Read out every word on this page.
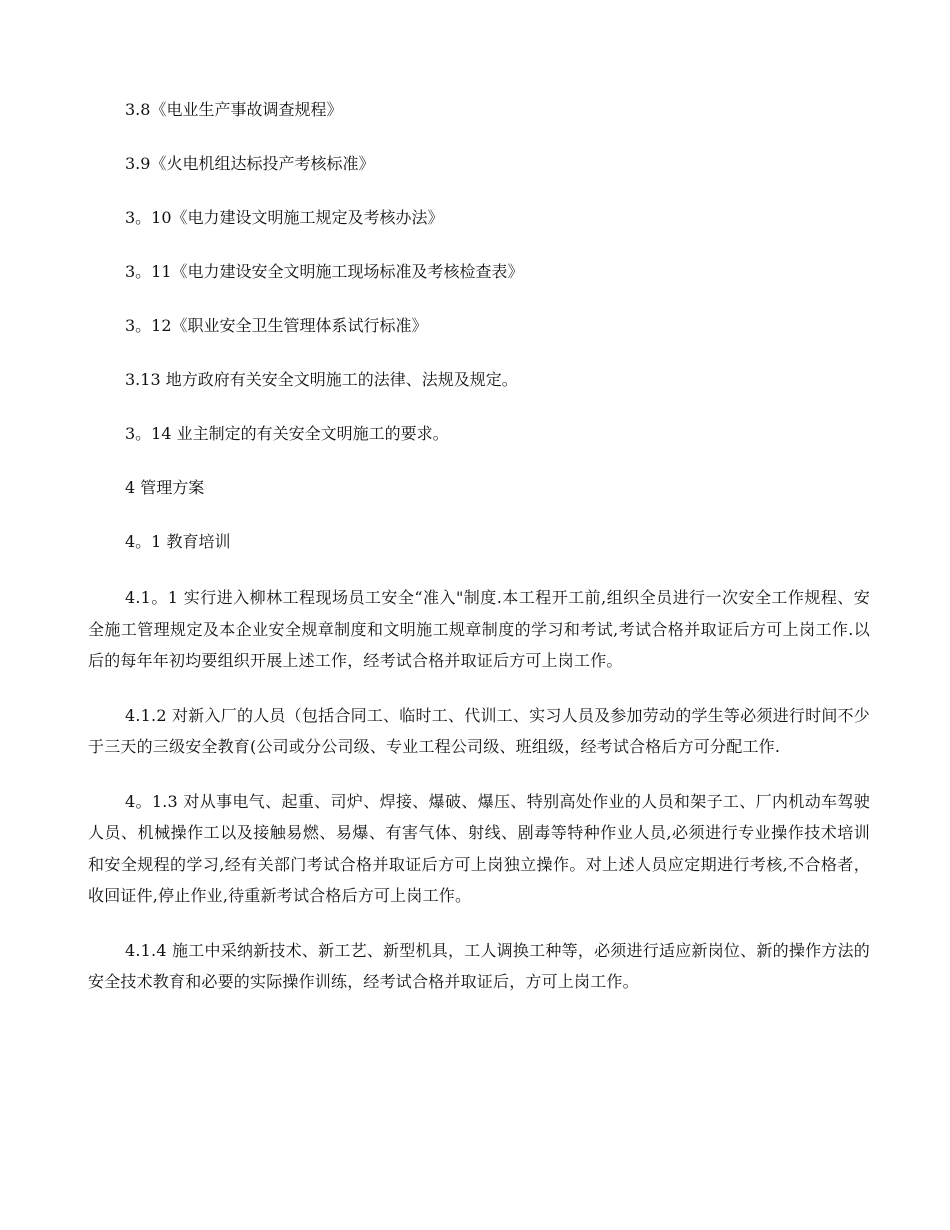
3.8《电业生产事故调查规程》

3.9《火电机组达标投产考核标准》

3。10《电力建设文明施工规定及考核办法》

3。11《电力建设安全文明施工现场标准及考核检查表》

3。12《职业安全卫生管理体系试行标准》

3.13 地方政府有关安全文明施工的法律、法规及规定。

3。14 业主制定的有关安全文明施工的要求。

4 管理方案

4。1 教育培训

4.1。1 实行进入柳林工程现场员工安全“准入"制度.本工程开工前,组织全员进行一次安全工作规程、安全施工管理规定及本企业安全规章制度和文明施工规章制度的学习和考试,考试合格并取证后方可上岗工作.以后的每年年初均要组织开展上述工作，经考试合格并取证后方可上岗工作。

4.1.2 对新入厂的人员（包括合同工、临时工、代训工、实习人员及参加劳动的学生等必须进行时间不少于三天的三级安全教育(公司或分公司级、专业工程公司级、班组级，经考试合格后方可分配工作.

4。1.3 对从事电气、起重、司炉、焊接、爆破、爆压、特别高处作业的人员和架子工、厂内机动车驾驶人员、机械操作工以及接触易燃、易爆、有害气体、射线、剧毒等特种作业人员,必须进行专业操作技术培训和安全规程的学习,经有关部门考试合格并取证后方可上岗独立操作。对上述人员应定期进行考核,不合格者，收回证件,停止作业,待重新考试合格后方可上岗工作。

4.1.4 施工中采纳新技术、新工艺、新型机具，工人调换工种等，必须进行适应新岗位、新的操作方法的安全技术教育和必要的实际操作训练，经考试合格并取证后，方可上岗工作。
